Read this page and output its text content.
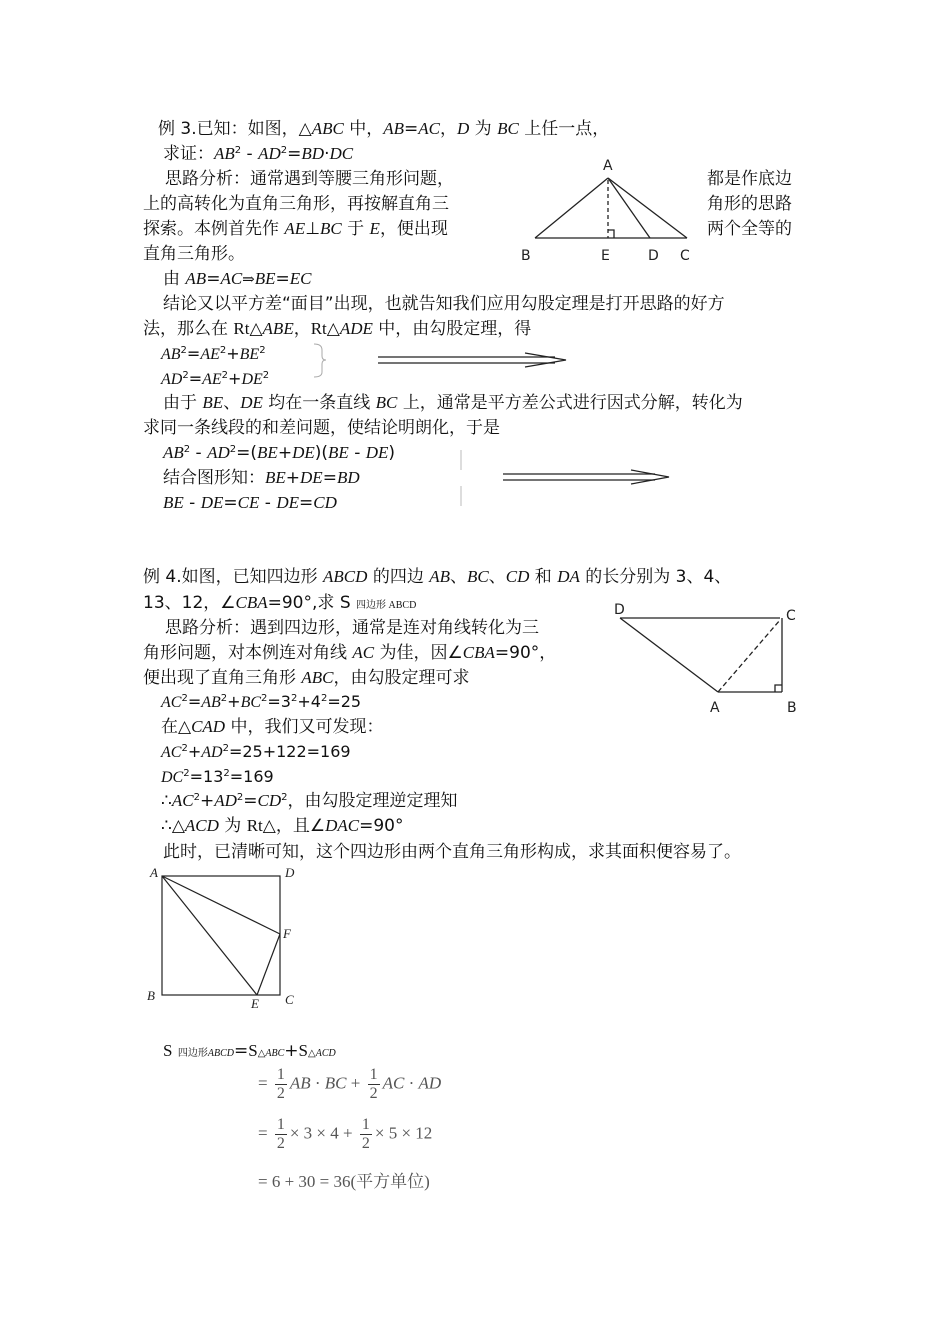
例 3.已知：如图，△ABC 中，AB=AC，D 为 BC 上任一点，
求证：$AB^2 - AD^2=BD\cdot DC$
思路分析：通常遇到等腰三角形问题，	都是作底边
上的高转化为直角三角形，再按解直角三	角形的思路
探索。本例首先作 AE⊥BC 于 E，便出现	两个全等的
直角三角形。
由 AB=AC⇒BE=EC
结论又以平方差“面目”出现，也就告知我们应用勾股定理是打开思路的好方
法，那么在 Rt△ABE，Rt△ADE 中，由勾股定理，得
$AB^2=AE^2+BE^2$
$AD^2=AE^2+DE^2$
由于 BE、DE 均在一条直线 BC 上，通常是平方差公式进行因式分解，转化为
求同一条线段的和差问题，使结论明朗化，于是
$AB^2 - AD^2=(BE+DE)(BE - DE)$
结合图形知：BE+DE=BD
BE - DE=CE - DE=CD
A
B	E	D C
例 4.如图，已知四边形 ABCD 的四边 AB、BC、CD 和 DA 的长分别为 3、4、
13、12，∠CBA=90°,求 S 四边形 ABCD
思路分析：遇到四边形，通常是连对角线转化为三
角形问题，对本例连对角线 AC 为佳，因∠CBA=90°，
便出现了直角三角形 ABC，由勾股定理可求
$AC^2=AB^2+BC^2=3^2+4^2=25$
在△CAD 中，我们又可发现：
$AC^2+AD^2=25+122=169$
$DC^2=13^2=169$
$\therefore AC^2+AD^2=CD^2$，由勾股定理逆定理知
∴△ACD 为 Rt△，且∠DAC=90°
此时，已清晰可知，这个四边形由两个直角三角形构成，求其面积便容易了。
D	C
A	B
A	D
F
B
E C
S 四边形ABCD=S△ABC+S△ACD
= $\frac{1}{2}$ AB · BC + $\frac{1}{2}$ AC · AD
= $\frac{1}{2} \times 3 \times 4 + \frac{1}{2} \times 5 \times 12$
= 6 + 30 = 36(平方单位)
